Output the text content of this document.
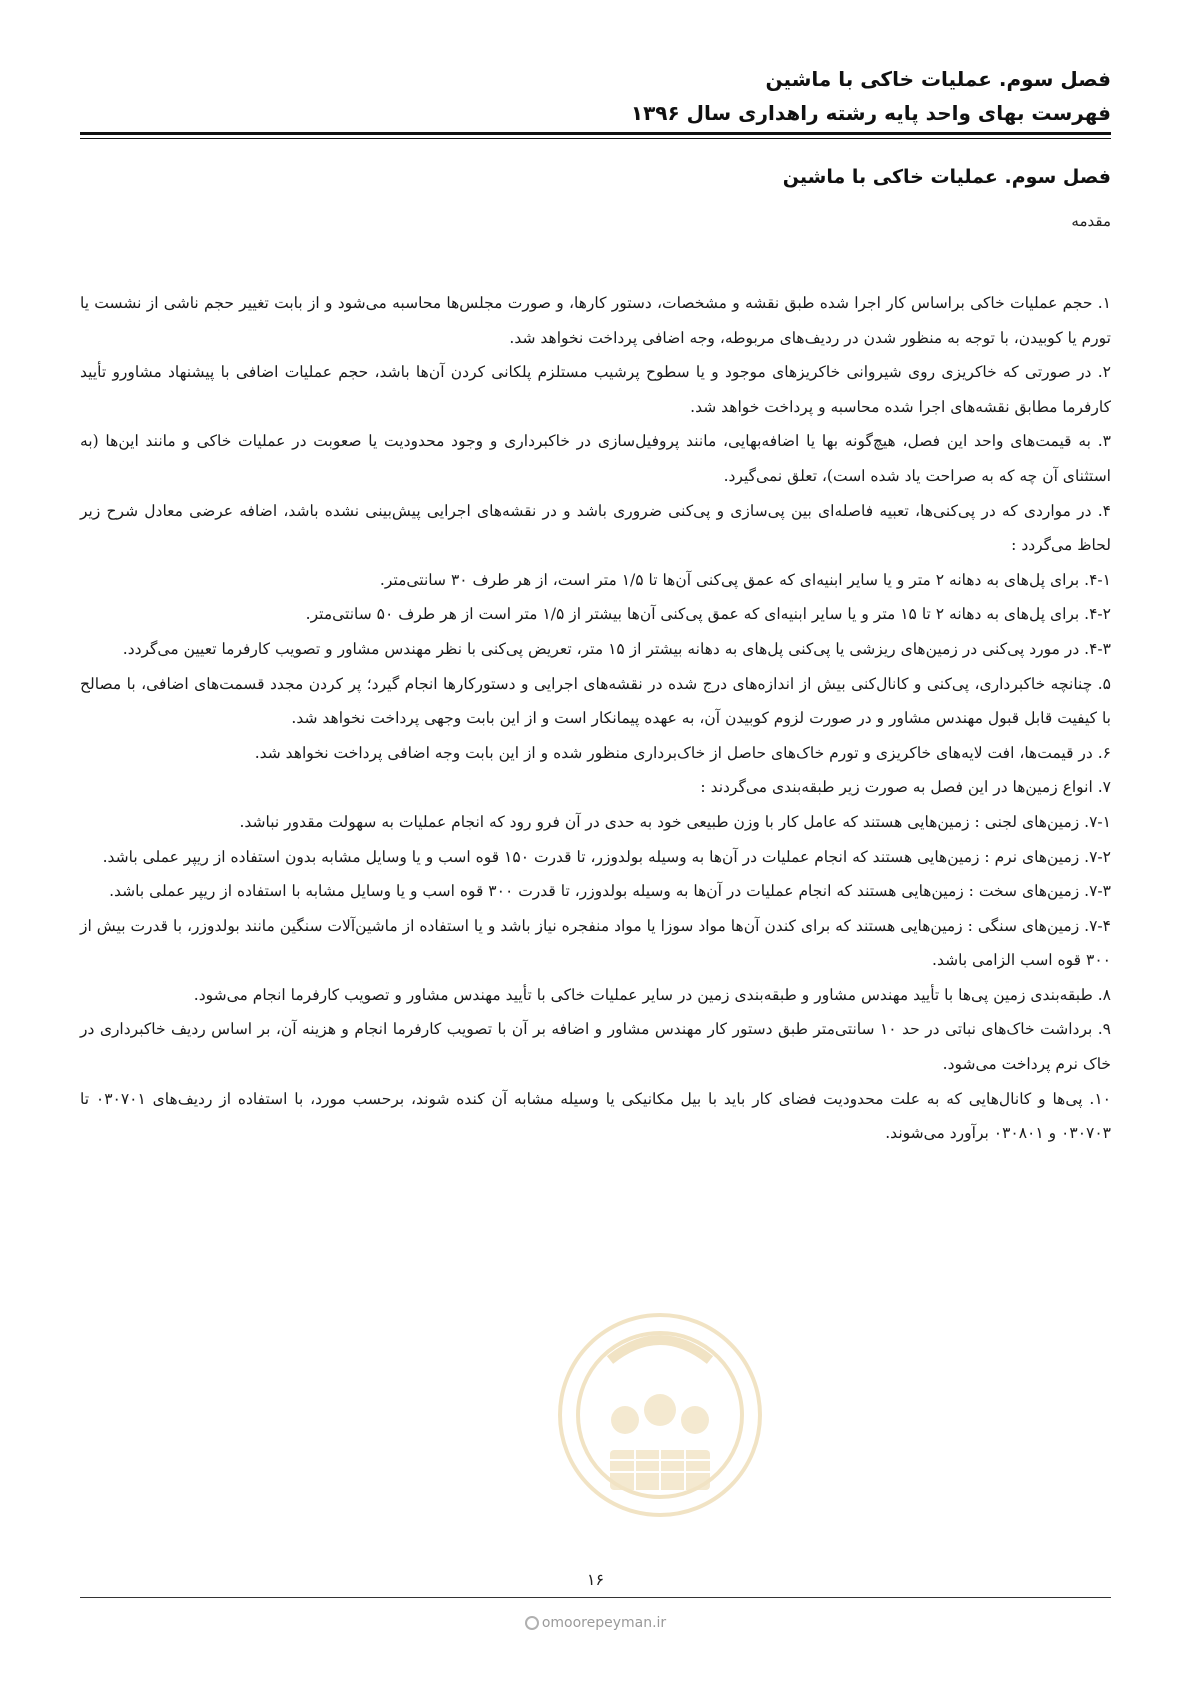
فصل سوم. عملیات خاکی با ماشین
فهرست بهای واحد پایه رشته راهداری سال ۱۳۹۶
فصل سوم. عملیات خاکی با ماشین
مقدمه

۱. حجم عملیات خاکی براساس کار اجرا شده طبق نقشه و مشخصات، دستور کارها، و صورت مجلس‌ها محاسبه می‌شود و از بابت تغییر حجم ناشی از نشست یا تورم یا کوبیدن، با توجه به منظور شدن در ردیف‌های مربوطه، وجه اضافی پرداخت نخواهد شد.

۲. در صورتی که خاکریزی روی شیروانی خاکریزهای موجود و یا سطوح پرشیب مستلزم پلکانی کردن آن‌ها باشد، حجم عملیات اضافی با پیشنهاد مشاورو تأیید کارفرما مطابق نقشه‌های اجرا شده محاسبه و پرداخت خواهد شد.

۳. به قیمت‌های واحد این فصل، هیچ‌گونه بها یا اضافه‌بهایی، مانند پروفیل‌سازی در خاکبرداری و وجود محدودیت یا صعوبت در عملیات خاکی و مانند این‌ها (به استثنای آن چه که به صراحت یاد شده است)، تعلق نمی‌گیرد.

۴. در مواردی که در پی‌کنی‌ها، تعبیه فاصله‌ای بین پی‌سازی و پی‌کنی ضروری باشد و در نقشه‌های اجرایی پیش‌بینی نشده باشد، اضافه عرضی معادل شرح زیر لحاظ می‌گردد :

۴-۱. برای پل‌های به دهانه ۲ متر و یا سایر ابنیه‌ای که عمق پی‌کنی آن‌ها تا ۱/۵ متر است، از هر طرف ۳۰ سانتی‌متر.

۴-۲. برای پل‌های به دهانه ۲ تا ۱۵ متر و یا سایر ابنیه‌ای که عمق پی‌کنی آن‌ها بیشتر از ۱/۵ متر است از هر طرف ۵۰ سانتی‌متر.

۴-۳. در مورد پی‌کنی در زمین‌های ریزشی یا پی‌کنی پل‌های به دهانه بیشتر از ۱۵ متر، تعریض پی‌کنی با نظر مهندس مشاور و تصویب کارفرما تعیین می‌گردد.

۵. چنانچه خاکبرداری، پی‌کنی و کانال‌کنی بیش از اندازه‌های درج شده در نقشه‌های اجرایی و دستورکارها انجام گیرد؛ پر کردن مجدد قسمت‌های اضافی، با مصالح با کیفیت قابل قبول مهندس مشاور و در صورت لزوم کوبیدن آن، به عهده پیمانکار است و از این بابت وجهی پرداخت نخواهد شد.

۶. در قیمت‌ها، افت لایه‌های خاکریزی و تورم خاک‌های حاصل از خاک‌برداری منظور شده و از این بابت وجه اضافی پرداخت نخواهد شد.

۷. انواع زمین‌ها در این فصل به صورت زیر طبقه‌بندی می‌گردند :

۷-۱. زمین‌های لجنی : زمین‌هایی هستند که عامل کار با وزن طبیعی خود به حدی در آن فرو رود که انجام عملیات به سهولت مقدور نباشد.

۷-۲. زمین‌های نرم : زمین‌هایی هستند که انجام عملیات در آن‌ها به وسیله بولدوزر، تا قدرت ۱۵۰ قوه اسب و یا وسایل مشابه بدون استفاده از ریپر عملی باشد.

۷-۳. زمین‌های سخت : زمین‌هایی هستند که انجام عملیات در آن‌ها به وسیله بولدوزر، تا قدرت ۳۰۰ قوه اسب و یا وسایل مشابه با استفاده از ریپر عملی باشد.

۷-۴. زمین‌های سنگی : زمین‌هایی هستند که برای کندن آن‌ها مواد سوزا یا مواد منفجره نیاز باشد و یا استفاده از ماشین‌آلات سنگین مانند بولدوزر، با قدرت بیش از ۳۰۰ قوه اسب الزامی باشد.

۸. طبقه‌بندی زمین پی‌ها با تأیید مهندس مشاور و طبقه‌بندی زمین در سایر عملیات خاکی با تأیید مهندس مشاور و تصویب کارفرما انجام می‌شود.

۹. برداشت خاک‌های نباتی در حد ۱۰ سانتی‌متر طبق دستور کار مهندس مشاور و اضافه بر آن با تصویب کارفرما انجام و هزینه آن، بر اساس ردیف خاکبرداری در خاک نرم پرداخت می‌شود.

۱۰. پی‌ها و کانال‌هایی که به علت محدودیت فضای کار باید با بیل مکانیکی یا وسیله مشابه آن کنده شوند، برحسب مورد، با استفاده از ردیف‌های ۰۳۰۷۰۱ تا ۰۳۰۷۰۳ و ۰۳۰۸۰۱ برآورد می‌شوند.

۱۶
omoorepeyman.ir
